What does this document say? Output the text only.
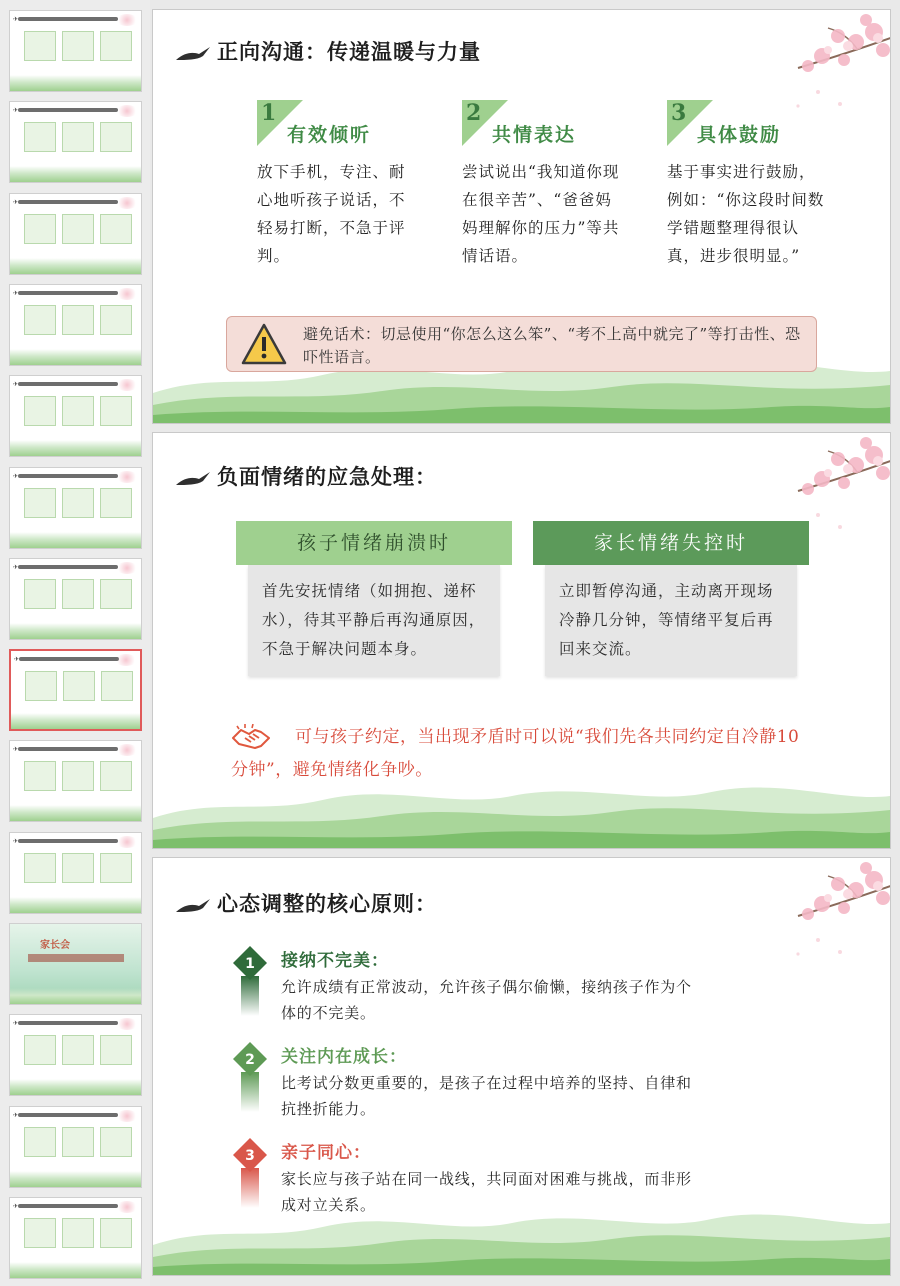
✈
✈
✈
✈
✈
✈
✈
✈
✈
✈
家长会
✈
✈
✈
正向沟通：传递温暖与力量
1
有效倾听
放下手机，专注、耐心地听孩子说话，不轻易打断，不急于评判。
2
共情表达
尝试说出“我知道你现在很辛苦”、“爸爸妈妈理解你的压力”等共情话语。
3
具体鼓励
基于事实进行鼓励，例如：“你这段时间数学错题整理得很认真，进步很明显。”
避免话术：切忌使用“你怎么这么笨”、“考不上高中就完了”等打击性、恐吓性语言。
负面情绪的应急处理：
孩子情绪崩溃时
首先安抚情绪（如拥抱、递杯水），待其平静后再沟通原因，不急于解决问题本身。
家长情绪失控时
立即暂停沟通，主动离开现场冷静几分钟，等情绪平复后再回来交流。
可与孩子约定，当出现矛盾时可以说“我们先各共同约定自冷静10分钟”，避免情绪化争吵。
心态调整的核心原则：
1 接纳不完美：
允许成绩有正常波动，允许孩子偶尔偷懒，接纳孩子作为个体的不完美。
2 关注内在成长：
比考试分数更重要的，是孩子在过程中培养的坚持、自律和抗挫折能力。
3 亲子同心：
家长应与孩子站在同一战线，共同面对困难与挑战，而非形成对立关系。
